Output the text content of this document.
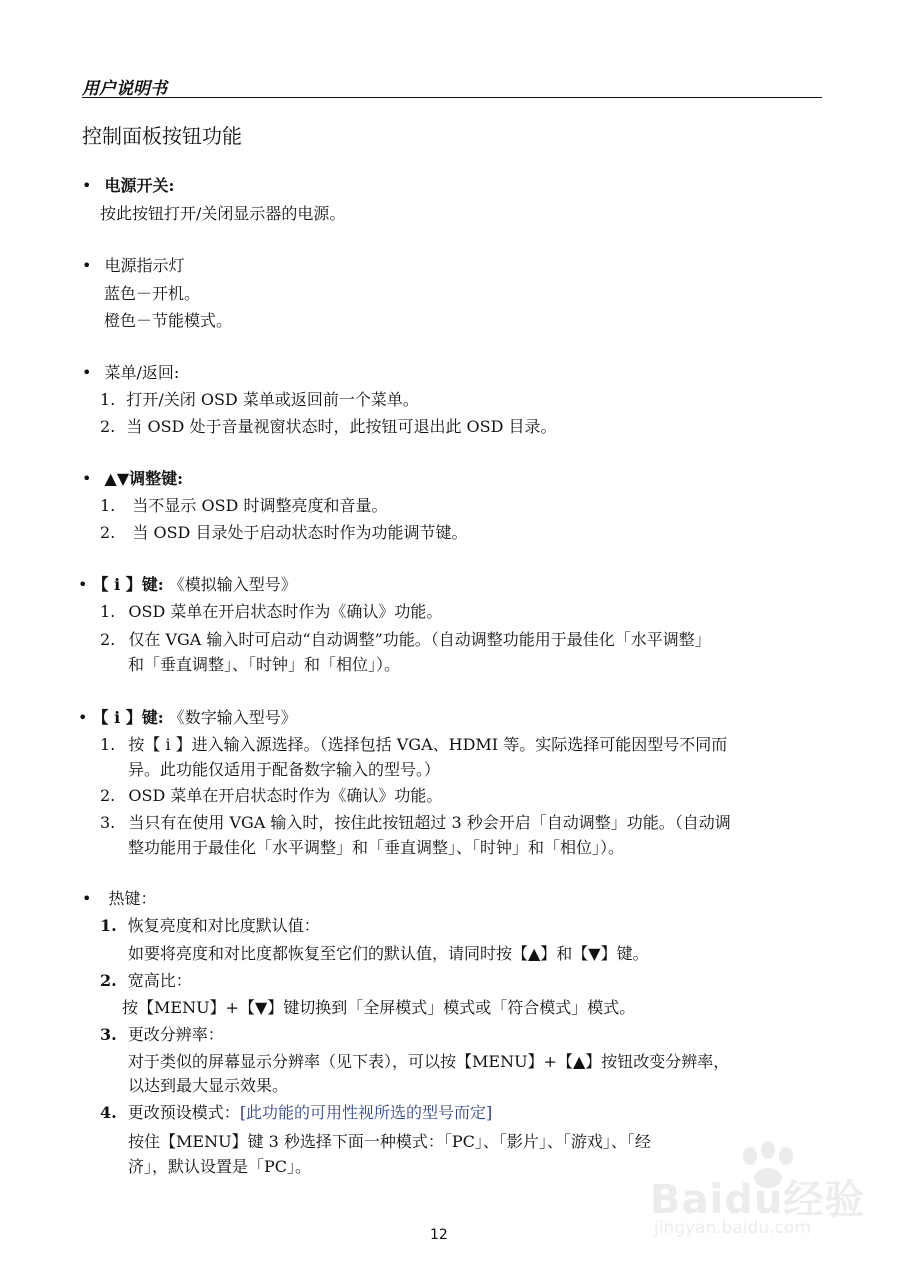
用户说明书
控制面板按钮功能
• 电源开关:
按此按钮打开/关闭显示器的电源。
• 电源指示灯
蓝色－开机。
橙色－节能模式。
• 菜单/返回:
1. 打开/关闭 OSD 菜单或返回前一个菜单。
2. 当 OSD 处于音量视窗状态时，此按钮可退出此 OSD 目录。
• ▲▼调整键:
1. 当不显示 OSD 时调整亮度和音量。
2. 当 OSD 目录处于启动状态时作为功能调节键。
• 【 i 】键: 《模拟输入型号》
1. OSD 菜单在开启状态时作为《确认》功能。
2. 仅在 VGA 输入时可启动“自动调整”功能。（自动调整功能用于最佳化「水平调整」
和「垂直调整」、「时钟」和「相位」）。
• 【 i 】键: 《数字输入型号》
1. 按【 i 】进入输入源选择。（选择包括 VGA、HDMI 等。实际选择可能因型号不同而
异。此功能仅适用于配备数字输入的型号。）
2. OSD 菜单在开启状态时作为《确认》功能。
3. 当只有在使用 VGA 输入时，按住此按钮超过 3 秒会开启「自动调整」功能。（自动调
整功能用于最佳化「水平调整」和「垂直调整」、「时钟」和「相位」）。
• 热键：
1. 恢复亮度和对比度默认值：
如要将亮度和对比度都恢复至它们的默认值，请同时按【▲】和【▼】键。
2. 宽高比：
按【MENU】+【▼】键切换到「全屏模式」模式或「符合模式」模式。
3. 更改分辨率：
对于类似的屏幕显示分辨率（见下表），可以按【MENU】+【▲】按钮改变分辨率，
以达到最大显示效果。
4. 更改预设模式：[此功能的可用性视所选的型号而定]
按住【MENU】键 3 秒选择下面一种模式：「PC」、「影片」、「游戏」、「经
济」，默认设置是「PC」。
Baidu经验
jingyan.baidu.com
12
